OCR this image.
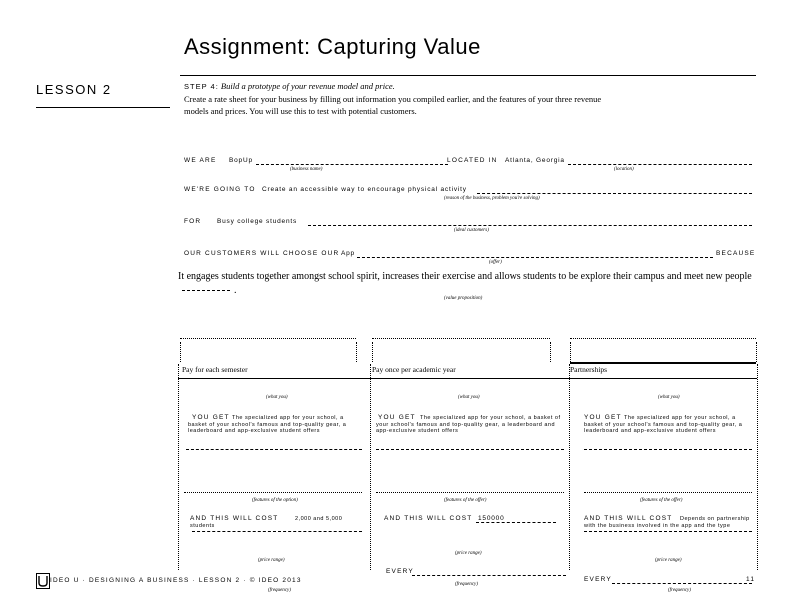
Assignment: Capturing Value
LESSON 2	STEP 4: Build a prototype of your revenue model and price.
Create a rate sheet for your business by filling out information you compiled earlier, and the features of your three revenue models and prices. You will use this to test with potential customers.
WE ARE BopUp
(business name)
LOCATED IN Atlanta, Georgia
(location)
WE'RE GOING TO Create an accessible way to encourage physical activity
(reason of the business, problem you're solving)
FOR Busy college students
(ideal customers)
OUR CUSTOMERS WILL CHOOSE OUR App	BECAUSE
(offer)
It engages students together amongst school spirit, increases their exercise and allows students to be explore their campus and meet new people.
(value proposition)
Pay for each semester
(what you)
YOU GET The specialized app for your school, a basket of your school's famous and top-quality gear, a leaderboard and app-exclusive student offers
(features of the option)
AND THIS WILL COST	2,000 and 5,000 students
(price range)
(frequency)
Pay once per academic year
(what you)
YOU GET The specialized app for your school, a basket of your school's famous and top-quality gear, a leaderboard and app-exclusive student offers
(features of the offer)
AND THIS WILL COST 150000
(price range)
EVERY
(frequency)
Partnerships
(what you)
YOU GET The specialized app for your school, a basket of your school's famous and top-quality gear, a leaderboard and app-exclusive student offers
(features of the offer)
AND THIS WILL COST	Depends on partnership with the business involved in the app and the type
(price range)
EVERY
(frequency)
IDEO U · DESIGNING A BUSINESS · LESSON 2 · © IDEO 2013	11
